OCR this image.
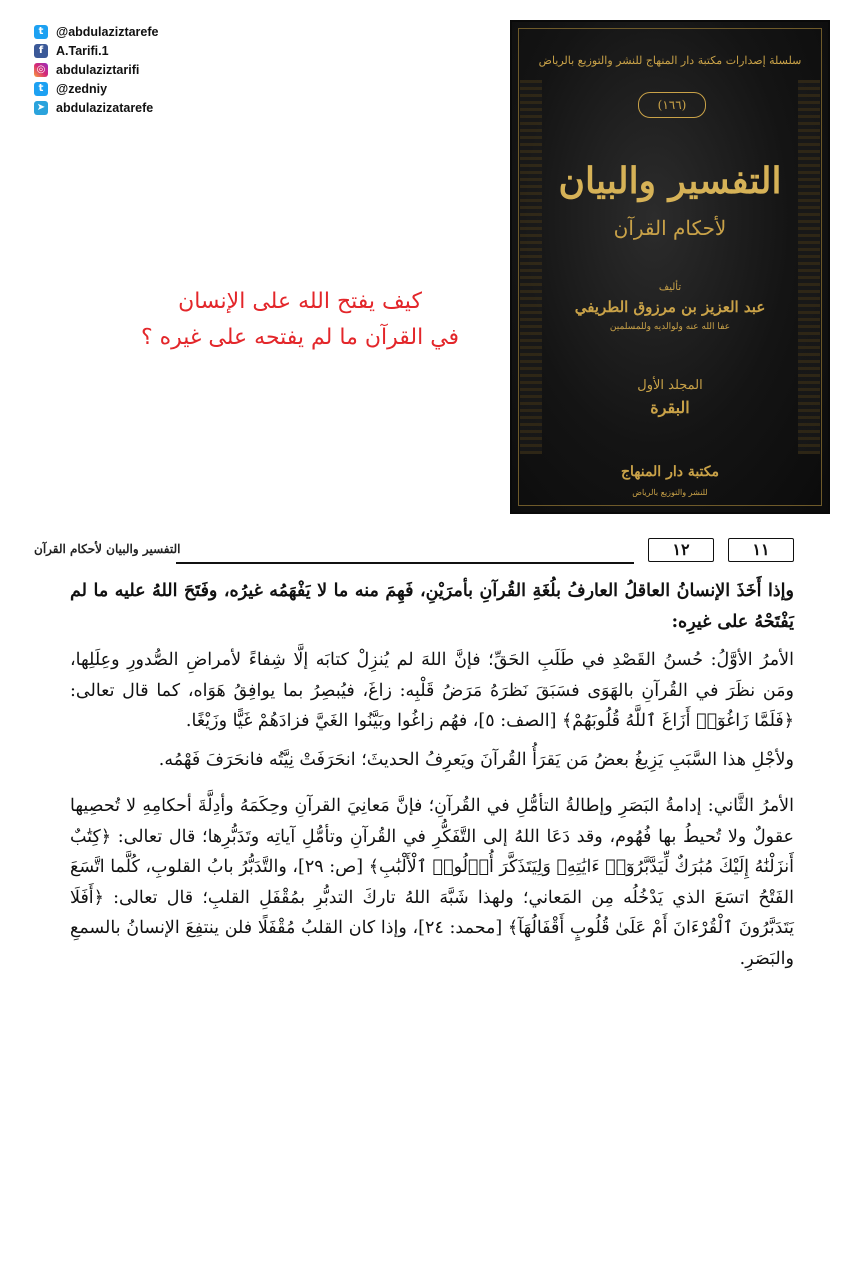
t	@abdulaziztarefe
f	A.Tarifi.1
◎ abdulaziztarifi
t	@zedniy
➤ abdulazizatarefe
سلسلة إصدارات مكتبة دار المنهاج للنشر والتوزيع بالرياض
(١٦٦)
التفسير والبيان
لأحكام القرآن
تأليف
عبد العزيز بن مرزوق الطريفي
عفا الله عنه ولوالديه وللمسلمين
المجلد الأول
البقرة
مكتبة دار المنهاج
للنشر والتوزيع بالرياض
كيف يفتح الله على الإنسان
في القرآن ما لم يفتحه على غيره ؟
١١
١٢
التفسير والبيان لأحكام القرآن

وإذا أَخَذَ الإنسانُ العاقلُ العارفُ بلُغَةِ القُرآنِ بأمرَيْنِ، فَهِمَ منه ما لا يَفْهَمُه غيرُه، وفَتَحَ اللهُ عليه ما لم يَفْتَحْهُ على غيرِه:

الأمرُ الأوَّلُ: حُسنُ القَصْدِ في طَلَبِ الحَقِّ؛ فإنَّ اللهَ لم يُنزِلْ كتابَه إلَّا شِفاءً لأمراضِ الصُّدورِ وعِلَلِها، ومَن نظَرَ في القُرآنِ بالهَوَى فسَبَقَ نَظرَهُ مَرَضُ قَلْبِه: زاغَ، فيُبصِرُ بما يوافِقُ هَوَاه، كما قال تعالى: ﴿فَلَمَّا زَاغُوٓا۟ أَزَاغَ ٱللَّهُ قُلُوبَهُمْ﴾ [الصف: ٥]، فهُم زاغُوا وبَيَّنُوا الغَيَّ فزادَهُمْ غَيًّا وزَيْغًا.

ولأجْلِ هذا السَّبَبِ يَزِيغُ بعضُ مَن يَقرَأُ القُرآنَ ويَعرِفُ الحديثَ؛ انحَرَفَتْ نِيَّتُه فانحَرَفَ فَهْمُه.

الأمرُ الثَّاني: إدامةُ البَصَرِ وإطالةُ التأمُّلِ في القُرآنِ؛ فإنَّ مَعانِيَ القرآنِ وحِكَمَهُ وأدِلَّةَ أحكامِهِ لا تُحصِيها عقولٌ ولا تُحيطُ بها فُهُوم، وقد دَعَا اللهُ إلى التَّفَكُّرِ في القُرآنِ وتأمُّلِ آياتِه وتَدَبُّرِها؛ قال تعالى: ﴿كِتَٰبٌ أَنزَلْنَٰهُ إِلَيْكَ مُبَٰرَكٌ لِّيَدَّبَّرُوٓا۟ ءَايَٰتِهِۦ وَلِيَتَذَكَّرَ أُو۟لُوا۟ ٱلْأَلْبَٰبِ﴾ [ص: ٢٩]، والتَّدَبُّرُ بابُ القلوبِ، كُلَّما اتَّسَعَ الفَتْحُ اتسَعَ الذي يَدْخُلُه مِن المَعاني؛ ولهذا شَبَّهَ اللهُ تاركَ التدبُّرِ بمُقْفَلِ القلبِ؛ قال تعالى: ﴿أَفَلَا يَتَدَبَّرُونَ ٱلْقُرْءَانَ أَمْ عَلَىٰ قُلُوبٍ أَقْفَالُهَآ﴾ [محمد: ٢٤]، وإذا كان القلبُ مُقْفَلًا فلن ينتفِعَ الإنسانُ بالسمعِ والبَصَرِ.
